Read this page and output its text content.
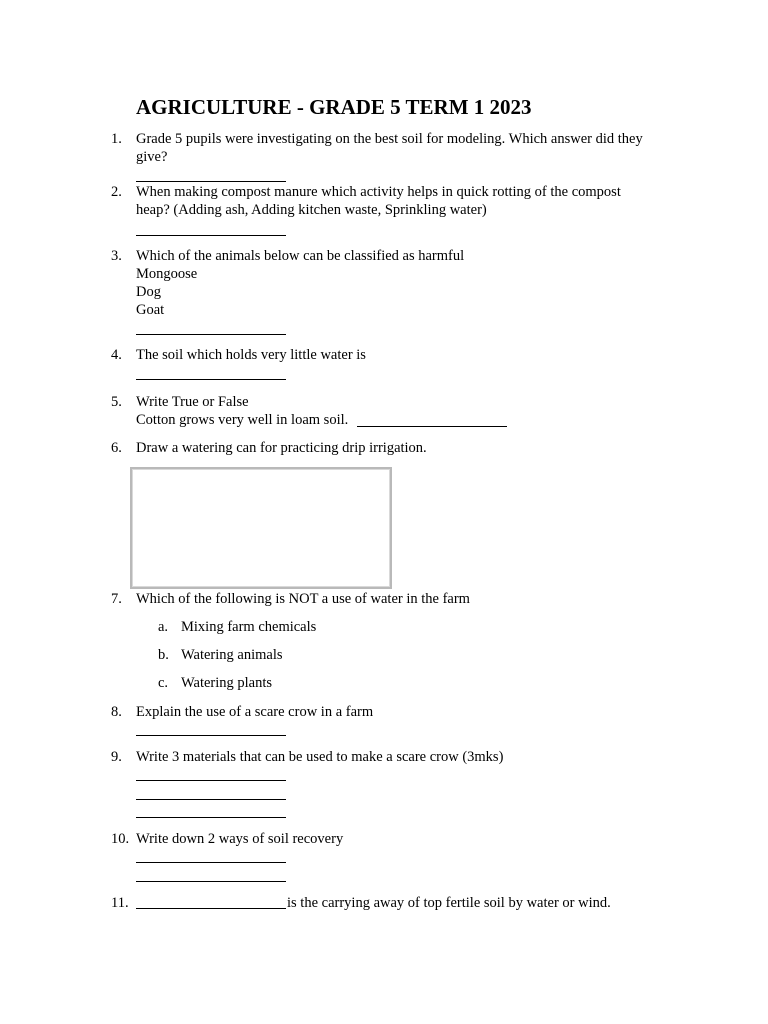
AGRICULTURE - GRADE 5 TERM 1 2023
1. Grade 5 pupils were investigating on the best soil for modeling. Which answer did they
give?
2. When making compost manure which activity helps in quick rotting of the compost
heap? (Adding ash, Adding kitchen waste, Sprinkling water)
3. Which of the animals below can be classified as harmful
Mongoose
Dog
Goat
4. The soil which holds very little water is
5. Write True or False
Cotton grows very well in loam soil.
6. Draw a watering can for practicing drip irrigation.
7. Which of the following is NOT a use of water in the farm
a. Mixing farm chemicals
b. Watering animals
c. Watering plants
8. Explain the use of a scare crow in a farm
9. Write 3 materials that can be used to make a scare crow (3mks)
10. Write down 2 ways of soil recovery
11.	is the carrying away of top fertile soil by water or wind.
